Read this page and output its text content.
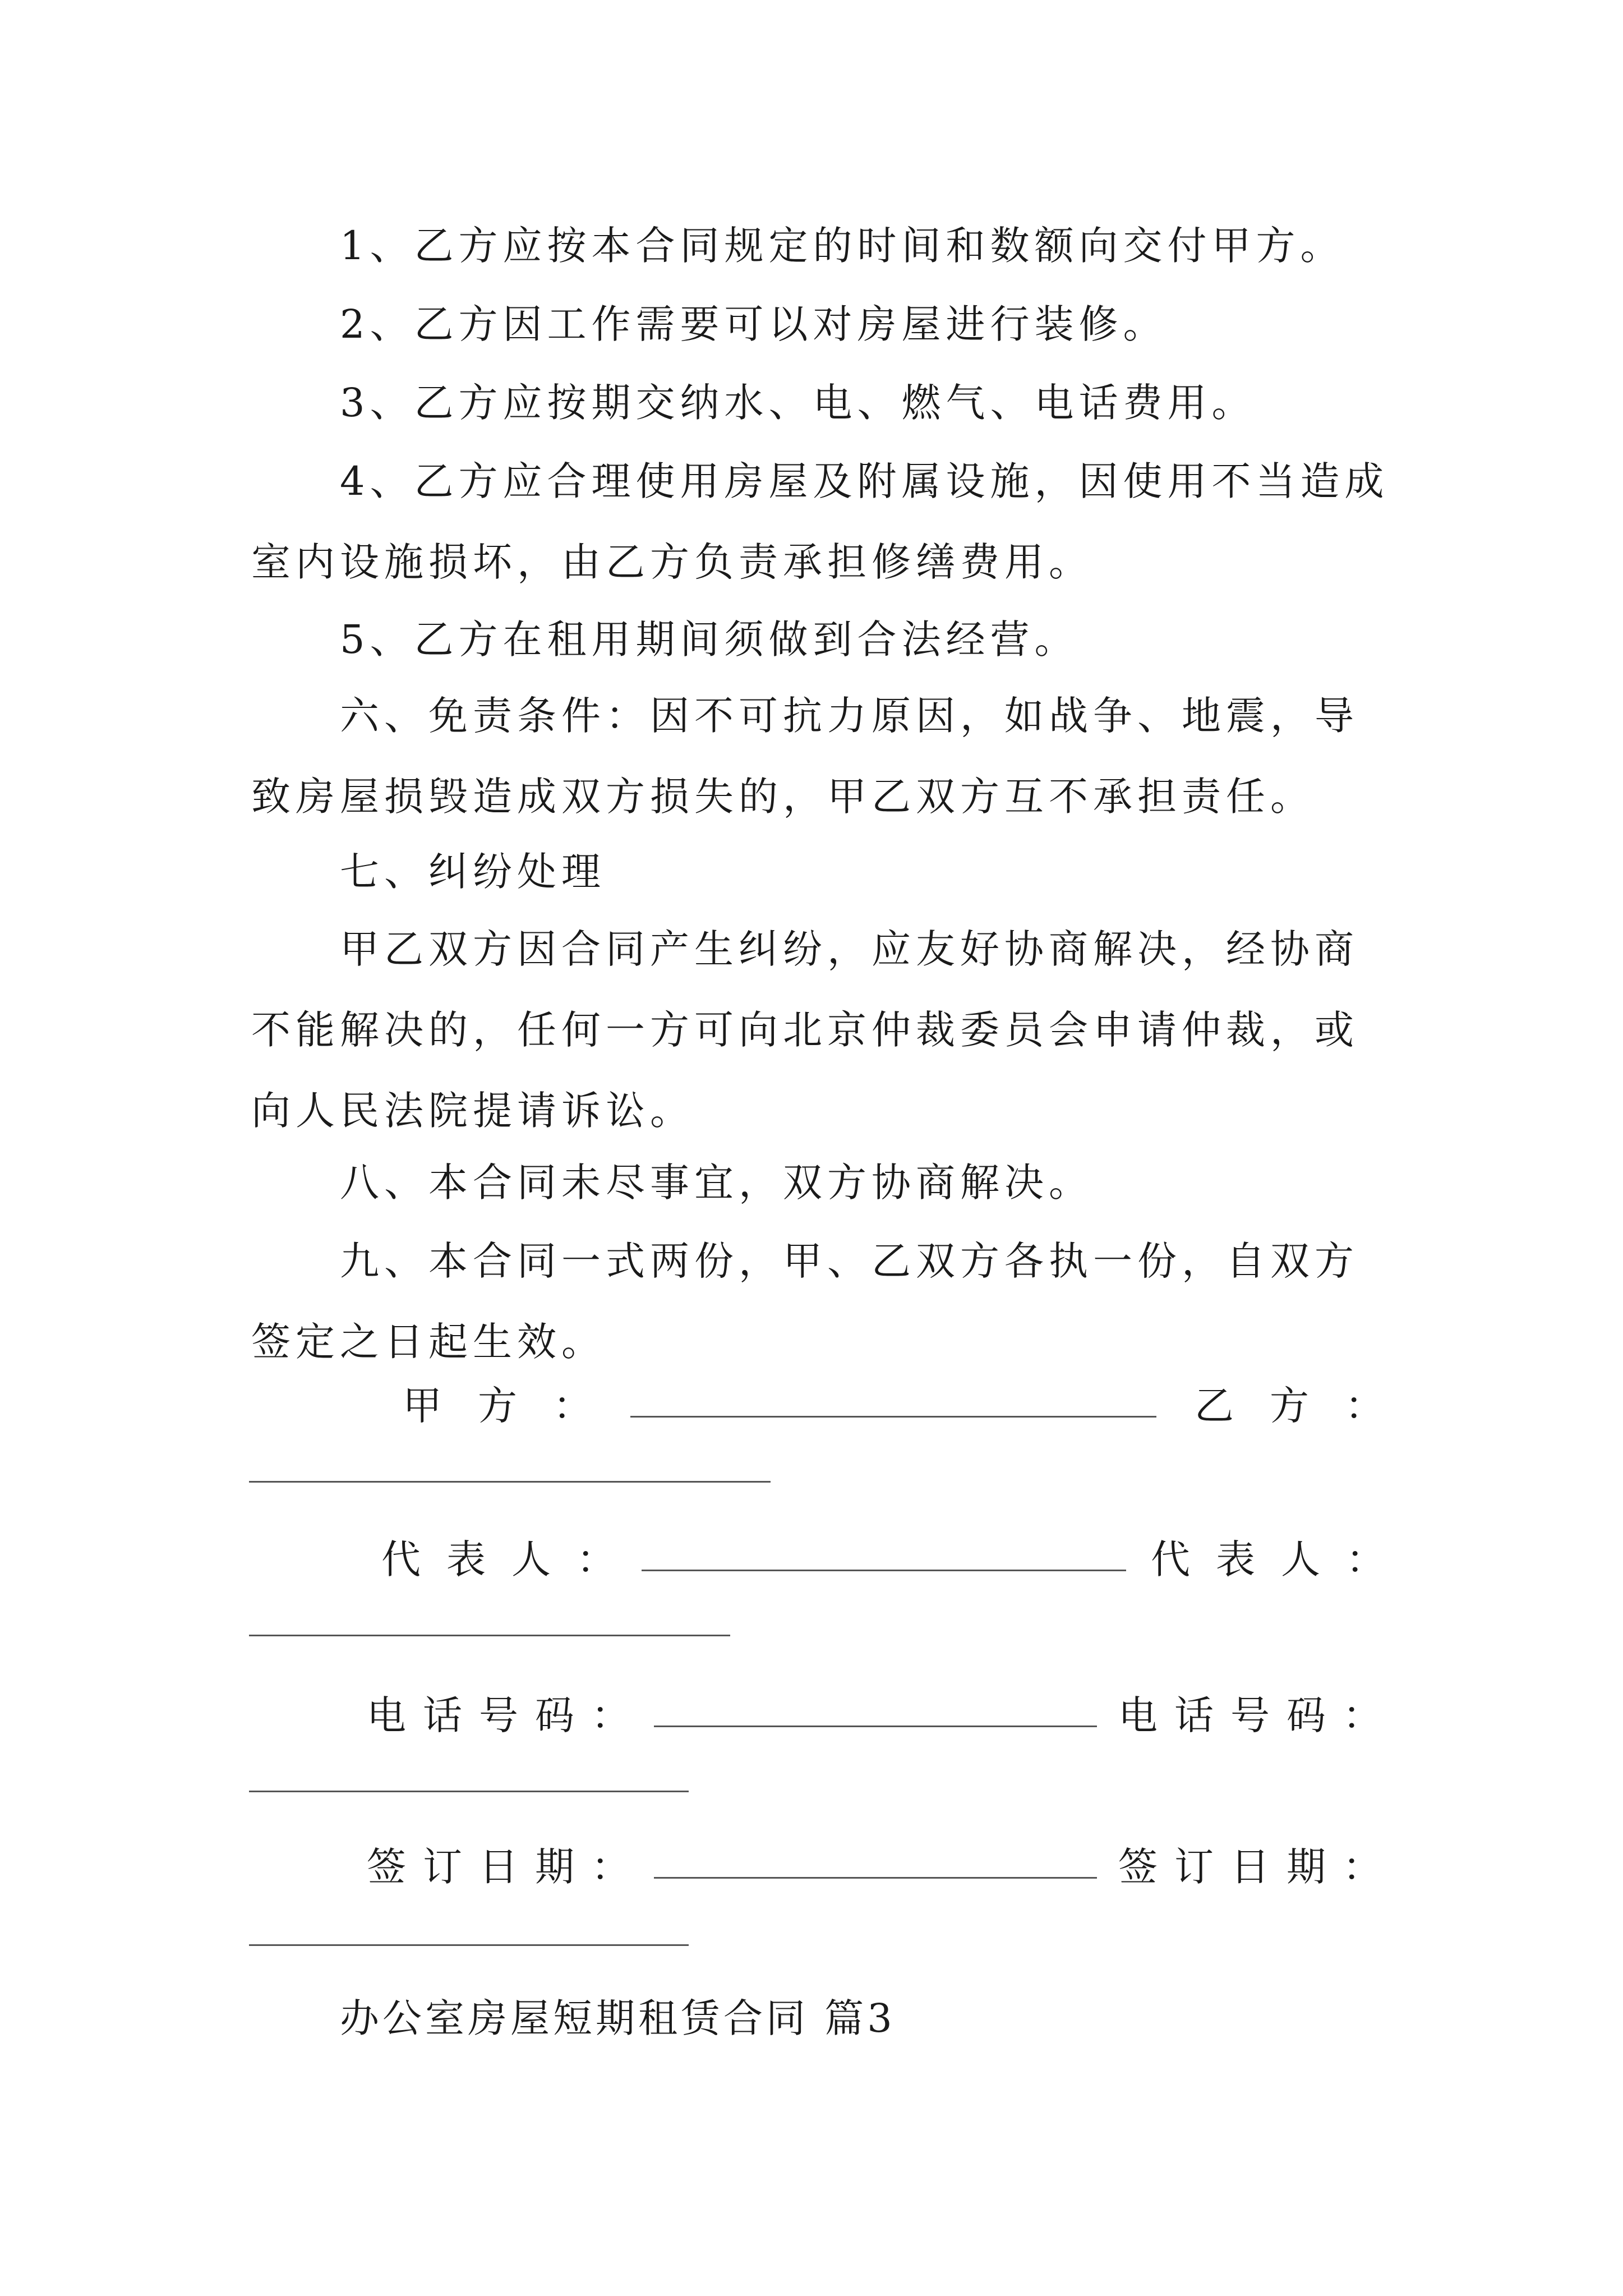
1、乙方应按本合同规定的时间和数额向交付甲方。

2、乙方因工作需要可以对房屋进行装修。

3、乙方应按期交纳水、电、燃气、电话费用。

4、乙方应合理使用房屋及附属设施，因使用不当造成室内设施损坏，由乙方负责承担修缮费用。

5、乙方在租用期间须做到合法经营。

六、免责条件：因不可抗力原因，如战争、地震，导致房屋损毁造成双方损失的，甲乙双方互不承担责任。

七、纠纷处理

甲乙双方因合同产生纠纷，应友好协商解决，经协商不能解决的，任何一方可向北京仲裁委员会申请仲裁，或向人民法院提请诉讼。

八、本合同未尽事宜，双方协商解决。

九、本合同一式两份，甲、乙双方各执一份，自双方签定之日起生效。

甲方：	乙方：
代表人：	代表人：
电话号码：	电话号码：
签订日期：	签订日期：
办公室房屋短期租赁合同 篇3
